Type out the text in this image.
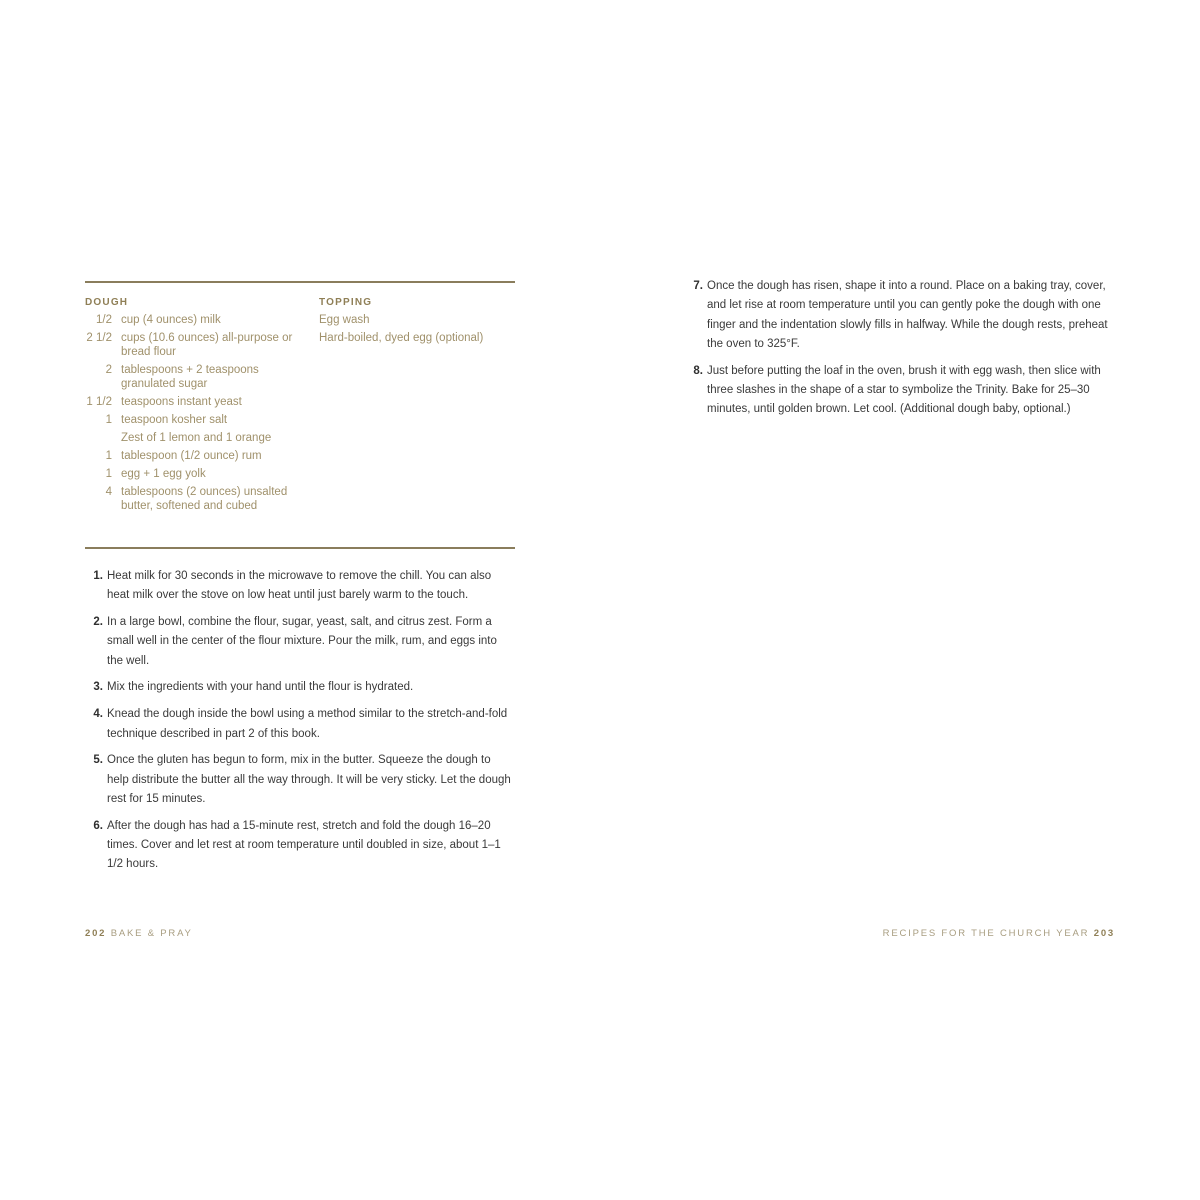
DOUGH
1/2 cup (4 ounces) milk
2 1/2 cups (10.6 ounces) all-purpose or bread flour
2 tablespoons + 2 teaspoons granulated sugar
1 1/2 teaspoons instant yeast
1 teaspoon kosher salt
Zest of 1 lemon and 1 orange
1 tablespoon (1/2 ounce) rum
1 egg + 1 egg yolk
4 tablespoons (2 ounces) unsalted butter, softened and cubed
TOPPING
Egg wash
Hard-boiled, dyed egg (optional)
1. Heat milk for 30 seconds in the microwave to remove the chill. You can also heat milk over the stove on low heat until just barely warm to the touch.
2. In a large bowl, combine the flour, sugar, yeast, salt, and citrus zest. Form a small well in the center of the flour mixture. Pour the milk, rum, and eggs into the well.
3. Mix the ingredients with your hand until the flour is hydrated.
4. Knead the dough inside the bowl using a method similar to the stretch-and-fold technique described in part 2 of this book.
5. Once the gluten has begun to form, mix in the butter. Squeeze the dough to help distribute the butter all the way through. It will be very sticky. Let the dough rest for 15 minutes.
6. After the dough has had a 15-minute rest, stretch and fold the dough 16–20 times. Cover and let rest at room temperature until doubled in size, about 1–1 1/2 hours.
202 BAKE & PRAY
7. Once the dough has risen, shape it into a round. Place on a baking tray, cover, and let rise at room temperature until you can gently poke the dough with one finger and the indentation slowly fills in halfway. While the dough rests, preheat the oven to 325°F.
8. Just before putting the loaf in the oven, brush it with egg wash, then slice with three slashes in the shape of a star to symbolize the Trinity. Bake for 25–30 minutes, until golden brown. Let cool. (Additional dough baby, optional.)
RECIPES FOR THE CHURCH YEAR 203
